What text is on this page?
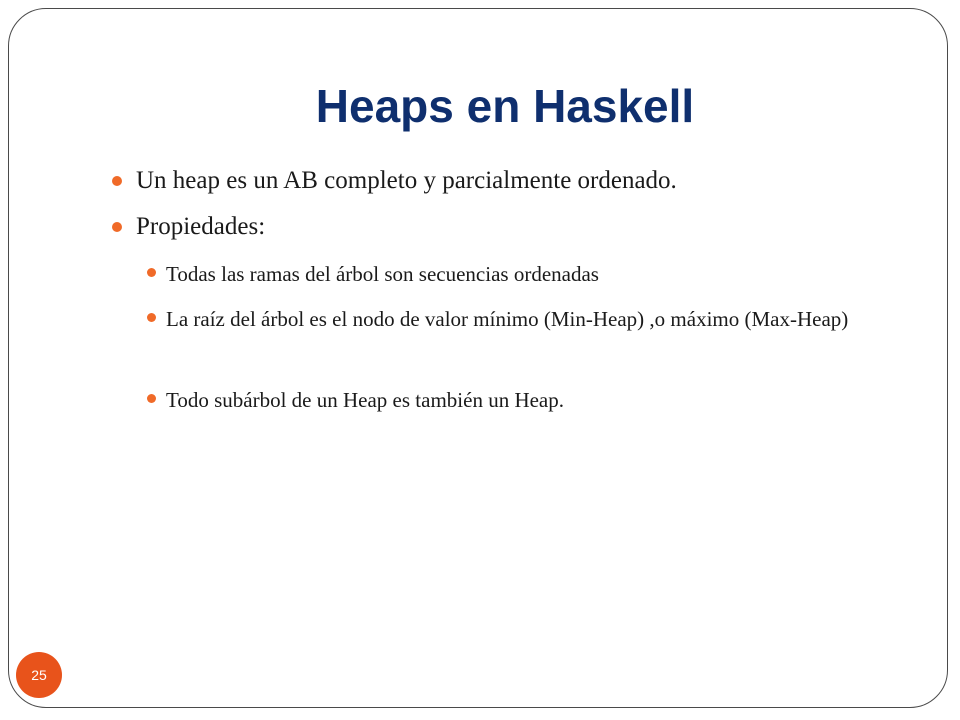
Heaps en Haskell

Un heap es un AB completo y parcialmente ordenado.

Propiedades:

Todas las ramas del árbol son secuencias ordenadas

La raíz del árbol es el nodo de valor mínimo (Min-Heap) ,o máximo (Max-Heap)

Todo subárbol de un Heap es también un Heap.

25
